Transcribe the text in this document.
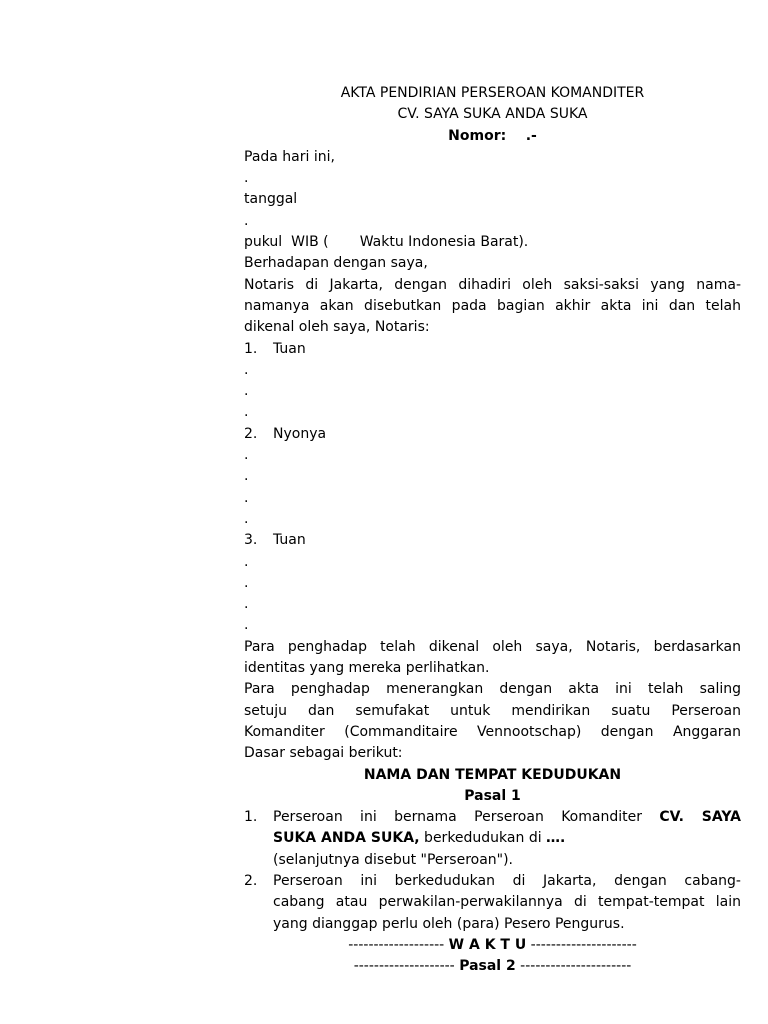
AKTA PENDIRIAN PERSEROAN KOMANDITER
CV. SAYA SUKA ANDA SUKA
Nomor:    .-
Pada hari ini,
.
tanggal
.
pukul  WIB (       Waktu Indonesia Barat).
Berhadapan dengan saya,
Notaris di Jakarta, dengan dihadiri oleh saksi-saksi yang nama-
namanya akan disebutkan pada bagian akhir akta ini dan telah
dikenal oleh saya, Notaris:
1. Tuan
.
.
.
2. Nyonya
.
.
.
.
3. Tuan
.
.
.
.
Para penghadap telah dikenal oleh saya, Notaris, berdasarkan
identitas yang mereka perlihatkan.
Para penghadap menerangkan dengan akta ini telah saling
setuju dan semufakat untuk mendirikan suatu Perseroan
Komanditer (Commanditaire Vennootschap) dengan Anggaran
Dasar sebagai berikut:
NAMA DAN TEMPAT KEDUDUKAN
Pasal 1
1.	Perseroan ini bernama Perseroan Komanditer CV. SAYA
SUKA ANDA SUKA, berkedudukan di ….
(selanjutnya disebut "Perseroan").
2.	Perseroan ini berkedudukan di Jakarta, dengan cabang-
cabang atau perwakilan-perwakilannya di tempat-tempat lain
yang dianggap perlu oleh (para) Pesero Pengurus.
------------------- W A K T U ---------------------
-------------------- Pasal 2 ----------------------
